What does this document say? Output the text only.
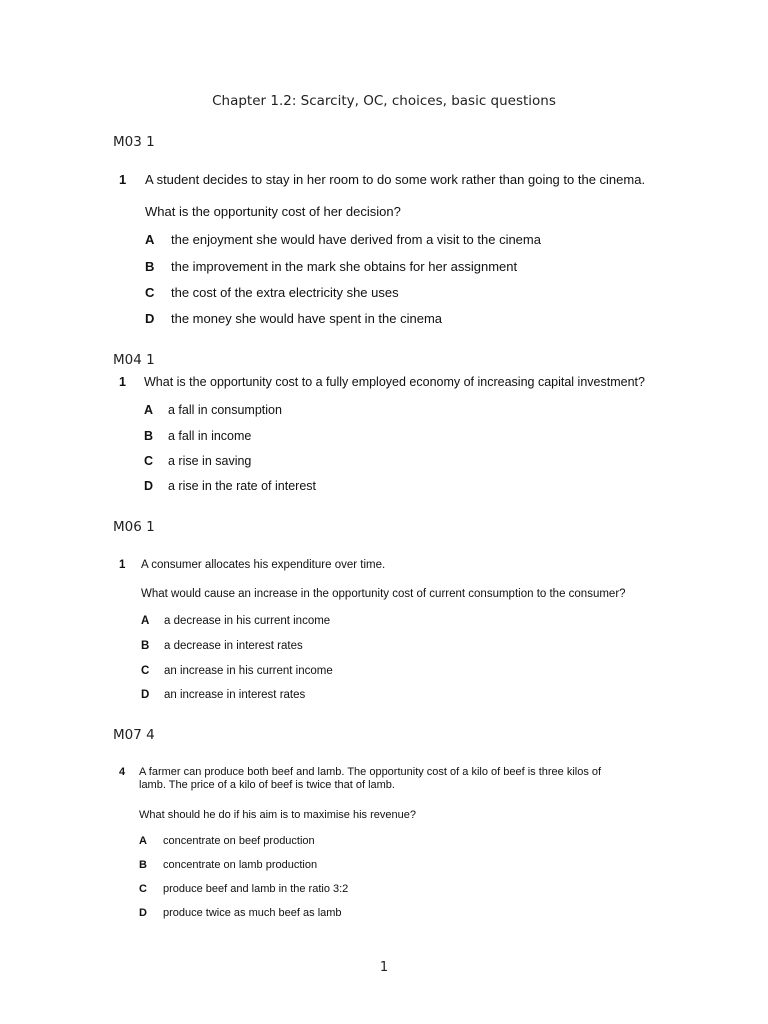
Chapter 1.2: Scarcity, OC, choices, basic questions
M03 1
1 A student decides to stay in her room to do some work rather than going to the cinema.
What is the opportunity cost of her decision?
A the enjoyment she would have derived from a visit to the cinema
B the improvement in the mark she obtains for her assignment
C the cost of the extra electricity she uses
D the money she would have spent in the cinema
M04 1
1 What is the opportunity cost to a fully employed economy of increasing capital investment?
A a fall in consumption
B a fall in income
C a rise in saving
D a rise in the rate of interest
M06 1
1 A consumer allocates his expenditure over time.
What would cause an increase in the opportunity cost of current consumption to the consumer?
A a decrease in his current income
B a decrease in interest rates
C an increase in his current income
D an increase in interest rates
M07 4
4 A farmer can produce both beef and lamb. The opportunity cost of a kilo of beef is three kilos of
lamb. The price of a kilo of beef is twice that of lamb.
What should he do if his aim is to maximise his revenue?
A concentrate on beef production
B concentrate on lamb production
C produce beef and lamb in the ratio 3:2
D produce twice as much beef as lamb
1
